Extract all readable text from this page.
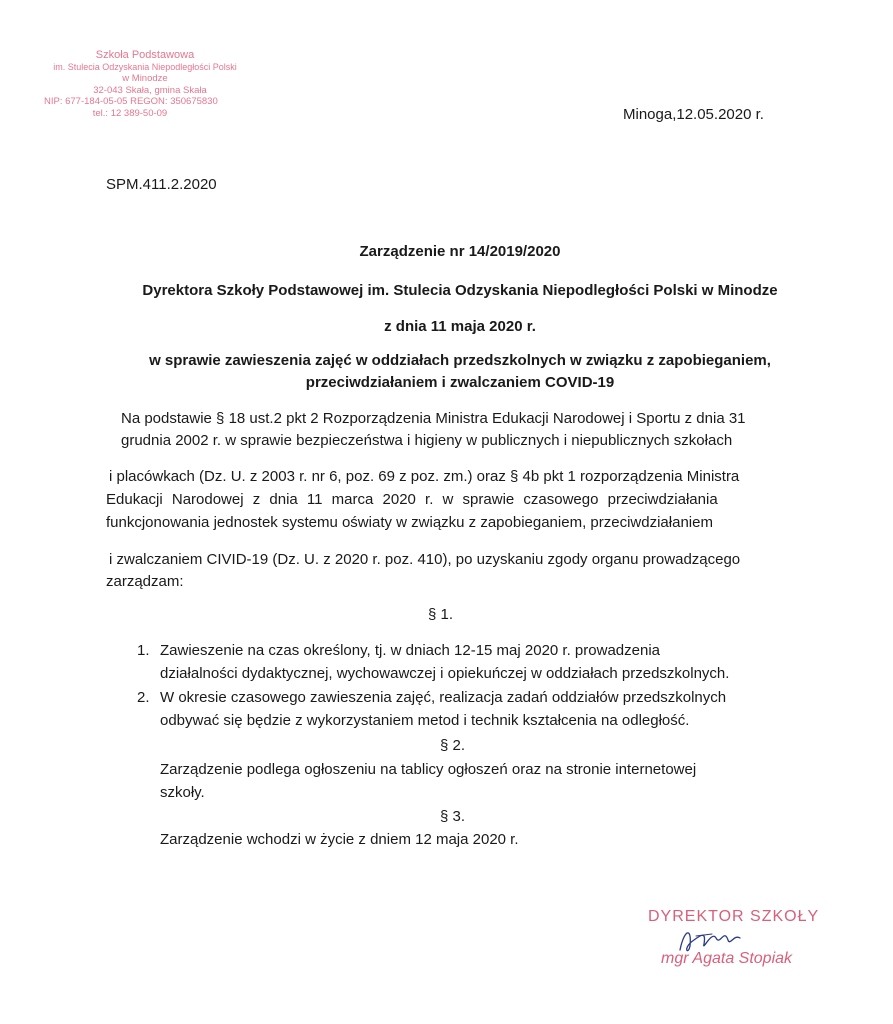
Szkoła Podstawowa
im. Stulecia Odzyskania Niepodległości Polski
w Minodze
32-043 Skała, gmina Skała
NIP: 677-184-05-05 REGON: 350675830
tel.: 12 389-50-09	Minoga,12.05.2020 r.
SPM.411.2.2020
Zarządzenie nr 14/2019/2020
Dyrektora Szkoły Podstawowej im. Stulecia Odzyskania Niepodległości Polski w Minodze
z dnia 11 maja 2020 r.
w sprawie zawieszenia zajęć w oddziałach przedszkolnych w związku z zapobieganiem,
przeciwdziałaniem i zwalczaniem COVID-19
Na podstawie § 18 ust.2 pkt 2 Rozporządzenia Ministra Edukacji Narodowej i Sportu z dnia 31
grudnia 2002 r. w sprawie bezpieczeństwa i higieny w publicznych i niepublicznych szkołach
i placówkach (Dz. U. z 2003 r. nr 6, poz. 69 z poz. zm.) oraz § 4b pkt 1 rozporządzenia Ministra
Edukacji Narodowej z dnia 11 marca 2020 r. w sprawie czasowego przeciwdziałania
funkcjonowania jednostek systemu oświaty w związku z zapobieganiem, przeciwdziałaniem
i zwalczaniem CIVID-19 (Dz. U. z 2020 r. poz. 410), po uzyskaniu zgody organu prowadzącego
zarządzam:
§ 1.
1. Zawieszenie na czas określony, tj. w dniach 12-15 maj 2020 r. prowadzenia
działalności dydaktycznej, wychowawczej i opiekuńczej w oddziałach przedszkolnych.
2. W okresie czasowego zawieszenia zajęć, realizacja zadań oddziałów przedszkolnych
odbywać się będzie z wykorzystaniem metod i technik kształcenia na odległość.
§ 2.
Zarządzenie podlega ogłoszeniu na tablicy ogłoszeń oraz na stronie internetowej
szkoły.
§ 3.
Zarządzenie wchodzi w życie z dniem 12 maja 2020 r.
DYREKTOR SZKOŁY
mgr Agata Stopiak
